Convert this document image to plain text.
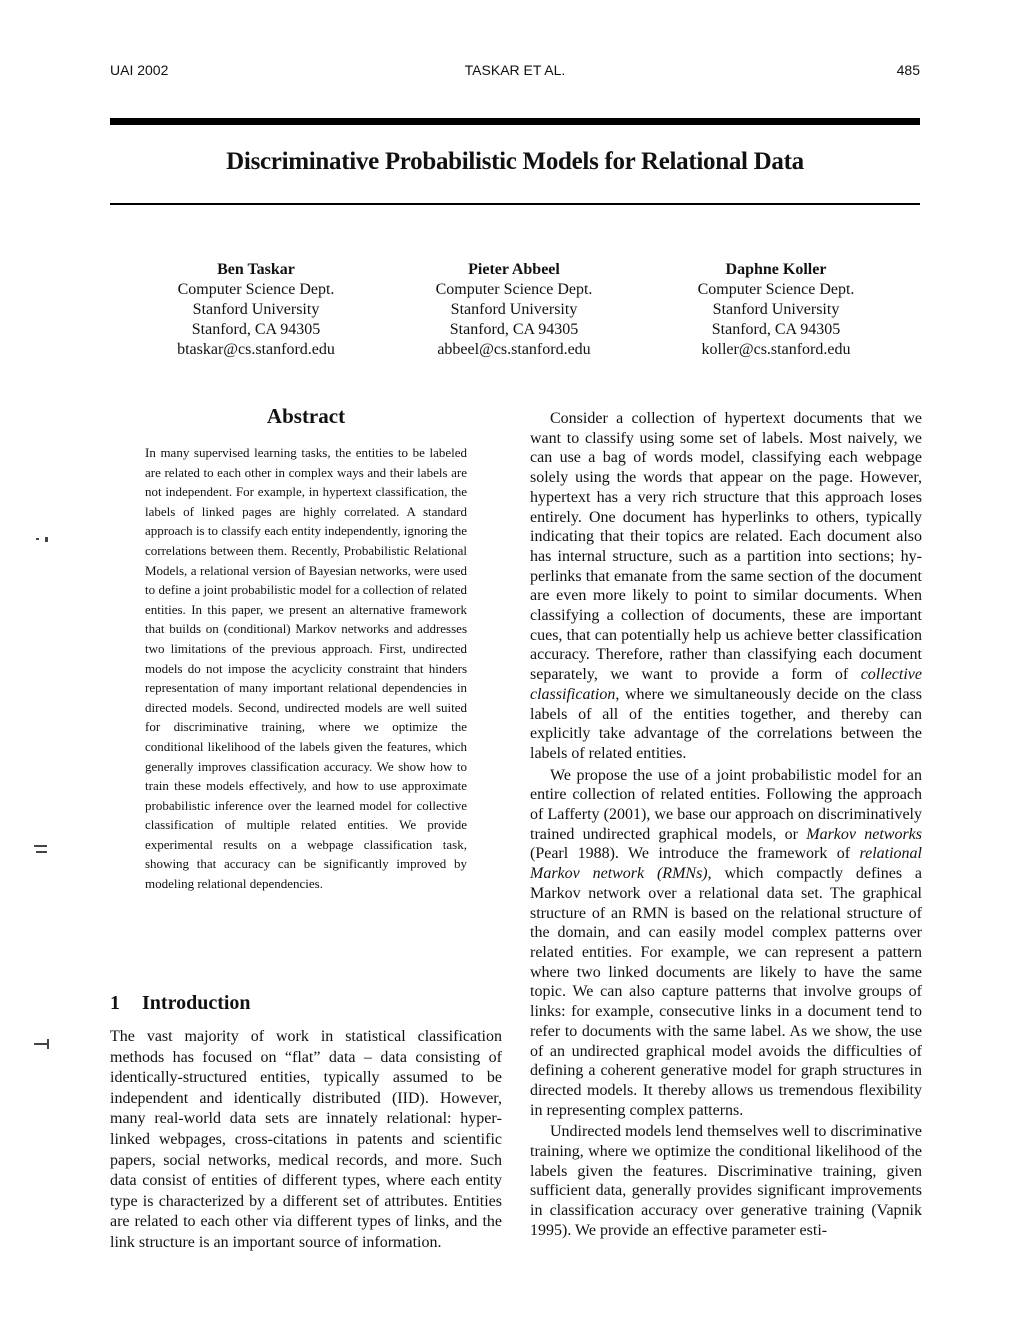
UAI 2002	TASKAR ET AL.	485
Discriminative Probabilistic Models for Relational Data
Ben Taskar
Computer Science Dept.
Stanford University
Stanford, CA 94305
btaskar@cs.stanford.edu
Pieter Abbeel
Computer Science Dept.
Stanford University
Stanford, CA 94305
abbeel@cs.stanford.edu
Daphne Koller
Computer Science Dept.
Stanford University
Stanford, CA 94305
koller@cs.stanford.edu
Abstract
In many supervised learning tasks, the entities to be labeled are related to each other in complex ways and their labels are not independent. For example, in hypertext classification, the labels of linked pages are highly correlated. A standard approach is to classify each entity independently, ignoring the correlations between them. Recently, Probabilistic Relational Models, a relational version of Bayesian networks, were used to define a joint probabilistic model for a collection of related entities. In this paper, we present an alternative framework that builds on (conditional) Markov networks and addresses two limitations of the previous approach. First, undirected models do not impose the acyclicity constraint that hinders representation of many important relational dependencies in directed models. Second, undirected models are well suited for discriminative training, where we optimize the conditional likelihood of the labels given the features, which generally improves classification accuracy. We show how to train these models effectively, and how to use approximate probabilistic inference over the learned model for collective classification of multiple related entities. We provide experimental results on a webpage classification task, showing that accuracy can be significantly improved by modeling relational dependencies.
1 Introduction
The vast majority of work in statistical classification methods has focused on “flat” data – data consisting of identically-structured entities, typically assumed to be independent and identically distributed (IID). However, many real-world data sets are innately relational: hyperlinked webpages, cross-citations in patents and scientific papers, social networks, medical records, and more. Such data consist of entities of different types, where each entity type is characterized by a different set of attributes. Entities are related to each other via different types of links, and the link structure is an important source of information.

Consider a collection of hypertext documents that we want to classify using some set of labels. Most naively, we can use a bag of words model, classifying each webpage solely using the words that appear on the page. However, hypertext has a very rich structure that this approach loses entirely. One document has hyperlinks to others, typically indicating that their topics are related. Each document also has internal structure, such as a partition into sections; hyperlinks that emanate from the same section of the document are even more likely to point to similar documents. When classifying a collection of documents, these are important cues, that can potentially help us achieve better classification accuracy. Therefore, rather than classifying each document separately, we want to provide a form of collective classification, where we simultaneously decide on the class labels of all of the entities together, and thereby can explicitly take advantage of the correlations between the labels of related entities.

We propose the use of a joint probabilistic model for an entire collection of related entities. Following the approach of Lafferty (2001), we base our approach on discriminatively trained undirected graphical models, or Markov networks (Pearl 1988). We introduce the framework of relational Markov network (RMNs), which compactly defines a Markov network over a relational data set. The graphical structure of an RMN is based on the relational structure of the domain, and can easily model complex patterns over related entities. For example, we can represent a pattern where two linked documents are likely to have the same topic. We can also capture patterns that involve groups of links: for example, consecutive links in a document tend to refer to documents with the same label. As we show, the use of an undirected graphical model avoids the difficulties of defining a coherent generative model for graph structures in directed models. It thereby allows us tremendous flexibility in representing complex patterns.

Undirected models lend themselves well to discriminative training, where we optimize the conditional likelihood of the labels given the features. Discriminative training, given sufficient data, generally provides significant improvements in classification accuracy over generative training (Vapnik 1995). We provide an effective parameter esti-
